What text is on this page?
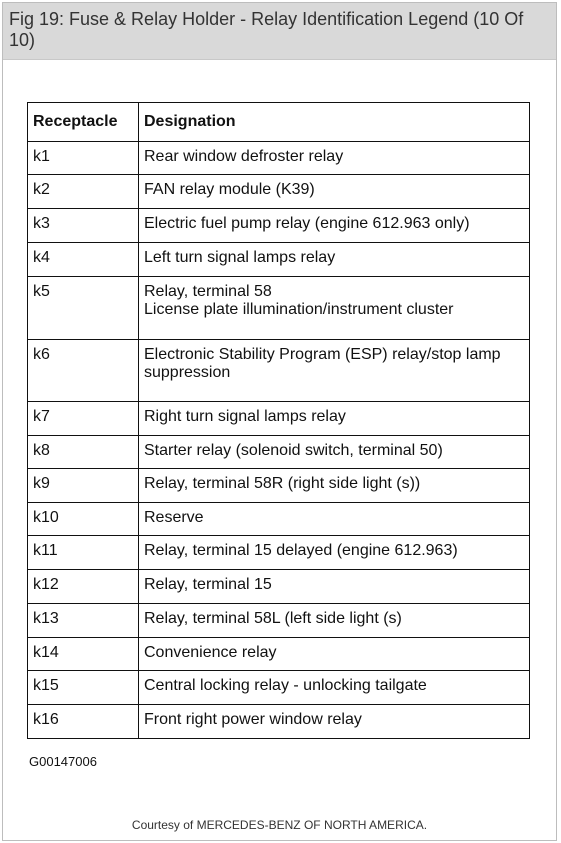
Fig 19: Fuse & Relay Holder - Relay Identification Legend (10 Of 10)
Receptacle	Designation
k1	Rear window defroster relay
k2	FAN relay module (K39)
k3	Electric fuel pump relay (engine 612.963 only)
k4	Left turn signal lamps relay
k5	Relay, terminal 58
License plate illumination/instrument cluster
k6	Electronic Stability Program (ESP) relay/stop lamp suppression
k7	Right turn signal lamps relay
k8	Starter relay (solenoid switch, terminal 50)
k9	Relay, terminal 58R (right side light (s))
k10	Reserve
k11	Relay, terminal 15 delayed (engine 612.963)
k12	Relay, terminal 15
k13	Relay, terminal 58L (left side light (s)
k14	Convenience relay
k15	Central locking relay - unlocking tailgate
k16	Front right power window relay
G00147006
Courtesy of MERCEDES-BENZ OF NORTH AMERICA.
